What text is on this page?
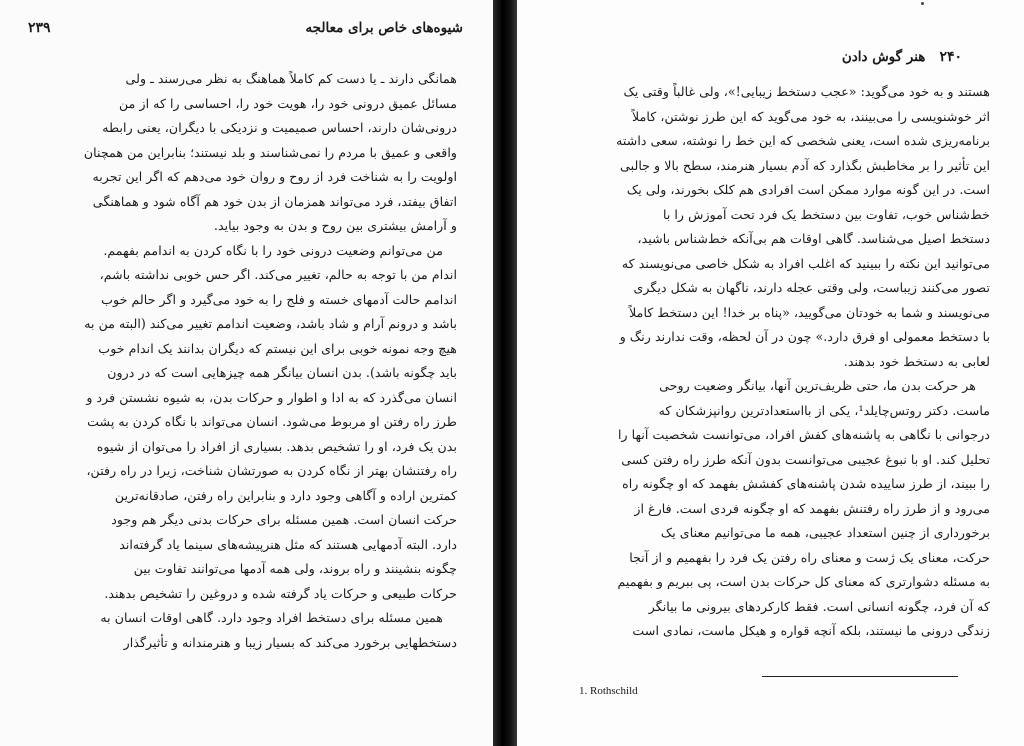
شیوه‌های خاص برای معالجه
۲۳۹
همانگی دارند ـ یا دست کم کاملاً هماهنگ به نظر می‌رسند ـ ولی
مسائل عمیق درونی خود را، هویت خود را، احساسی را که از من
درونی‌شان دارند، احساس صمیمیت و نزدیکی با دیگران، یعنی رابطه
واقعی و عمیق با مردم را نمی‌شناسند و بلد نیستند؛ بنابراین من همچنان
اولویت را به شناخت فرد از روح و روان خود می‌دهم که اگر این تجربه
اتفاق بیفتد، فرد می‌تواند همزمان از بدن خود هم آگاه شود و هماهنگی
و آرامش بیشتری بین روح و بدن به وجود بیاید.
من می‌توانم وضعیت درونی خود را با نگاه کردن به اندامم بفهمم.
اندام من با توجه به حالم، تغییر می‌کند. اگر حس خوبی نداشته باشم،
اندامم حالت آدمهای خسته و فلج را به خود می‌گیرد و اگر حالم خوب
باشد و درونم آرام و شاد باشد، وضعیت اندامم تغییر می‌کند (البته من به
هیچ وجه نمونه خوبی برای این نیستم که دیگران بدانند یک اندام خوب
باید چگونه باشد). بدن انسان بیانگر همه چیزهایی است که در درون
انسان می‌گذرد که به ادا و اطوار و حرکات بدن، به شیوه نشستن فرد و
طرز راه رفتن او مربوط می‌شود. انسان می‌تواند با نگاه کردن به پشت
بدن یک فرد، او را تشخیص بدهد. بسیاری از افراد را می‌توان از شیوه
راه رفتنشان بهتر از نگاه کردن به صورتشان شناخت، زیرا در راه رفتن،
کمترین اراده و آگاهی وجود دارد و بنابراین راه رفتن، صادقانه‌ترین
حرکت انسان است. همین مسئله برای حرکات بدنی دیگر هم وجود
دارد. البته آدمهایی هستند که مثل هنرپیشه‌های سینما یاد گرفته‌اند
چگونه بنشینند و راه بروند، ولی همه آدمها می‌توانند تفاوت بین
حرکات طبیعی و حرکات یاد گرفته شده و دروغین را تشخیص بدهند.
همین مسئله برای دستخط افراد وجود دارد. گاهی اوقات انسان به
دستخطهایی برخورد می‌کند که بسیار زیبا و هنرمندانه و تأثیرگذار
۲۴۰
هنر گوش دادن
هستند و به خود می‌گوید: «عجب دستخط زیبایی!»، ولی غالباً وقتی یک
اثر خوشنویسی را می‌بینند، به خود می‌گوید که این طرز نوشتن، کاملاً
برنامه‌ریزی شده است، یعنی شخصی که این خط را نوشته، سعی داشته
این تأثیر را بر مخاطبش بگذارد که آدم بسیار هنرمند، سطح بالا و جالبی
است. در این گونه موارد ممکن است افرادی هم کلک بخورند، ولی یک
خط‌شناس خوب، تفاوت بین دستخط یک فرد تحت آموزش را با
دستخط اصیل می‌شناسد. گاهی اوقات هم بی‌آنکه خط‌شناس باشید،
می‌توانید این نکته را ببینید که اغلب افراد به شکل خاصی می‌نویسند که
تصور می‌کنند زیباست، ولی وقتی عجله دارند، ناگهان به شکل دیگری
می‌نویسند و شما به خودتان می‌گویید، «پناه بر خدا! این دستخط کاملاً
با دستخط معمولی او فرق دارد.» چون در آن لحظه، وقت ندارند رنگ و
لعابی به دستخط خود بدهند.
هر حرکت بدن ما، حتی ظریف‌ترین آنها، بیانگر وضعیت روحی
ماست. دکتر روتس‌چایلد¹، یکی از بااستعدادترین روانپزشکان که
درجوانی با نگاهی به پاشنه‌های کفش افراد، می‌توانست شخصیت آنها را
تحلیل کند. او با نبوغ عجیبی می‌توانست بدون آنکه طرز راه رفتن کسی
را ببیند، از طرز ساییده شدن پاشنه‌های کفشش بفهمد که او چگونه راه
می‌رود و از طرز راه رفتنش بفهمد که او چگونه فردی است. فارغ از
برخورداری از چنین استعداد عجیبی، همه ما می‌توانیم معنای یک
حرکت، معنای یک ژست و معنای راه رفتن یک فرد را بفهمیم و از آنجا
به مسئله دشوارتری که معنای کل حرکات بدن است، پی ببریم و بفهمیم
که آن فرد، چگونه انسانی است. فقط کارکردهای بیرونی ما بیانگر
زندگی درونی ما نیستند، بلکه آنچه قواره و هیکل ماست، نمادی است
1. Rothschild
